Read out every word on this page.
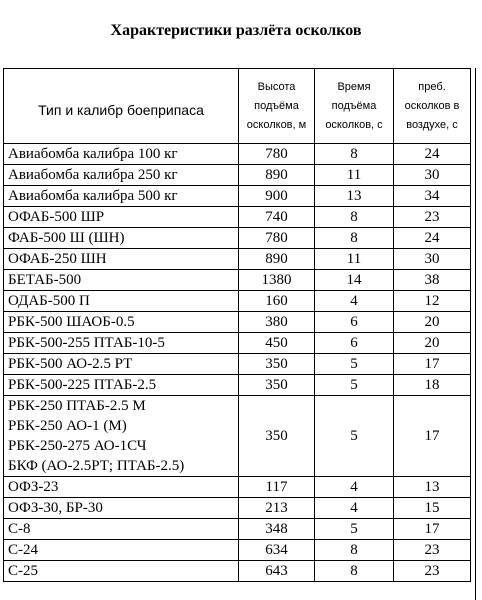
Характеристики разлёта осколков
Тип и калибр боеприпаса	Высота подъёма осколков, м	Время подъёма осколков, с	преб. осколков в воздухе, с
Авиабомба калибра 100 кг	780	8	24
Авиабомба калибра 250 кг	890	11	30
Авиабомба калибра 500 кг	900	13	34
ОФАБ-500 ШР	740	8	23
ФАБ-500 Ш (ШН)	780	8	24
ОФАБ-250 ШН	890	11	30
БЕТАБ-500	1380	14	38
ОДАБ-500 П	160	4	12
РБК-500 ШАОБ-0.5	380	6	20
РБК-500-255 ПТАБ-10-5	450	6	20
РБК-500 АО-2.5 РТ	350	5	17
РБК-500-225 ПТАБ-2.5	350	5	18
РБК-250 ПТАБ-2.5 М	350	5	17
РБК-250 АО-1 (М)			
РБК-250-275 АО-1СЧ			
БКФ (АО-2.5РТ; ПТАБ-2.5)			
ОФЗ-23	117	4	13
ОФЗ-30, БР-30	213	4	15
С-8	348	5	17
С-24	634	8	23
С-25	643	8	23
